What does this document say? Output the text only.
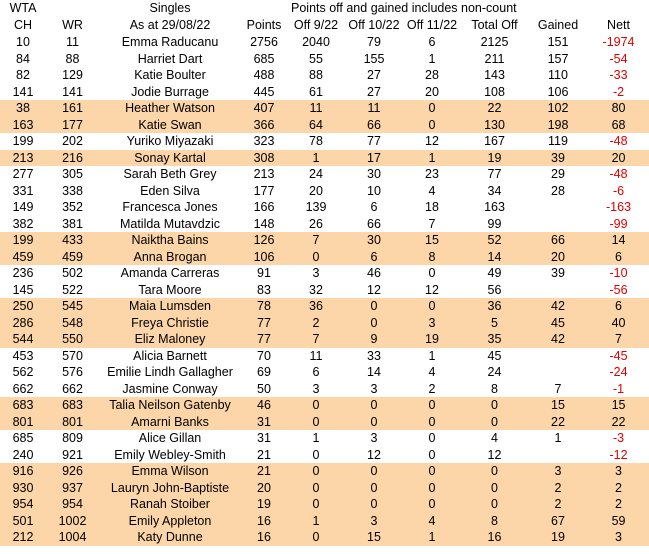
WTA		Singles		Points off and gained includes non-count					
CH	WR	As at 29/08/22	Points	Off 9/22	Off 10/22	Off 11/22	Total Off	Gained	Nett
10	11	Emma Raducanu	2756	2040	79	6	2125	151	-1974
84	88	Harriet Dart	685	55	155	1	211	157	-54
82	129	Katie Boulter	488	88	27	28	143	110	-33
141	141	Jodie Burrage	445	61	27	20	108	106	-2
38	161	Heather Watson	407	11	11	0	22	102	80
163	177	Katie Swan	366	64	66	0	130	198	68
199	202	Yuriko Miyazaki	323	78	77	12	167	119	-48
213	216	Sonay Kartal	308	1	17	1	19	39	20
277	305	Sarah Beth Grey	213	24	30	23	77	29	-48
331	338	Eden Silva	177	20	10	4	34	28	-6
149	352	Francesca Jones	166	139	6	18	163		-163
382	381	Matilda Mutavdzic	148	26	66	7	99		-99
199	433	Naiktha Bains	126	7	30	15	52	66	14
459	459	Anna Brogan	106	0	6	8	14	20	6
236	502	Amanda Carreras	91	3	46	0	49	39	-10
145	522	Tara Moore	83	32	12	12	56		-56
250	545	Maia Lumsden	78	36	0	0	36	42	6
286	548	Freya Christie	77	2	0	3	5	45	40
544	550	Eliz Maloney	77	7	9	19	35	42	7
453	570	Alicia Barnett	70	11	33	1	45		-45
562	576	Emilie Lindh Gallagher	69	6	14	4	24		-24
662	662	Jasmine Conway	50	3	3	2	8	7	-1
683	683	Talia Neilson Gatenby	46	0	0	0	0	15	15
801	801	Amarni Banks	31	0	0	0	0	22	22
685	809	Alice Gillan	31	1	3	0	4	1	-3
240	921	Emily Webley-Smith	21	0	12	0	12		-12
916	926	Emma Wilson	21	0	0	0	0	3	3
930	937	Lauryn John-Baptiste	20	0	0	0	0	2	2
954	954	Ranah Stoiber	19	0	0	0	0	2	2
501	1002	Emily Appleton	16	1	3	4	8	67	59
212	1004	Katy Dunne	16	0	15	1	16	19	3
